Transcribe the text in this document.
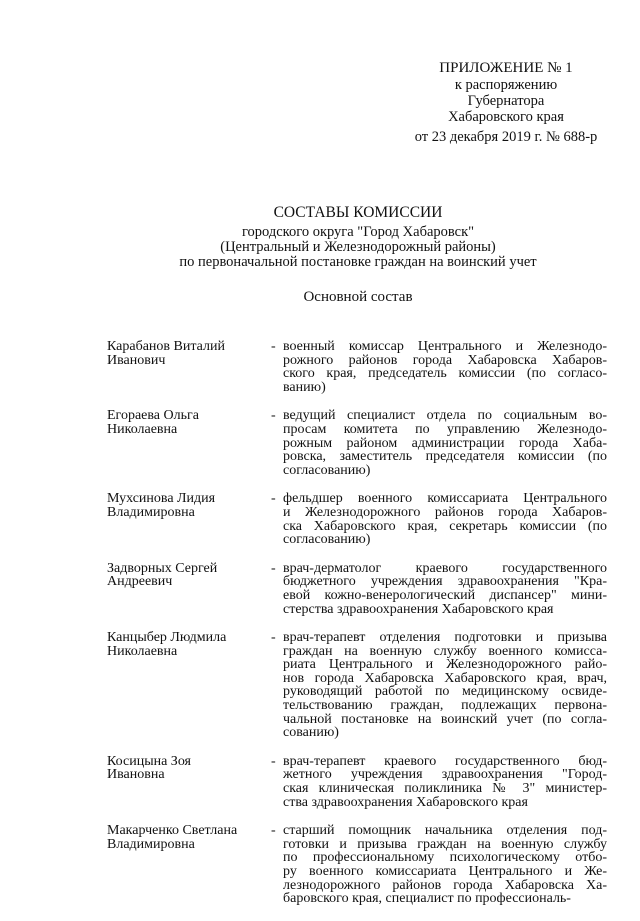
ПРИЛОЖЕНИЕ № 1
к распоряжению
Губернатора
Хабаровского края
от 23 декабря 2019 г. № 688-р
СОСТАВЫ КОМИССИИ
городского округа "Город Хабаровск"
(Центральный и Железнодорожный районы)
по первоначальной постановке граждан на воинский учет
Основной состав
Карабанов Виталий
Иванович
- военный комиссар Центрального и Железнодо-
рожного районов города Хабаровска Хабаров-
ского края, председатель комиссии (по согласо-
ванию)
Егораева Ольга
Николаевна
- ведущий специалист отдела по социальным во-
просам комитета по управлению Железнодо-
рожным районом администрации города Хаба-
ровска, заместитель председателя комиссии (по
согласованию)
Мухсинова Лидия
Владимировна
- фельдшер военного комиссариата Центрального
и Железнодорожного районов города Хабаров-
ска Хабаровского края, секретарь комиссии (по
согласованию)
Задворных Сергей
Андреевич
- врач-дерматолог краевого государственного
бюджетного учреждения здравоохранения "Кра-
евой кожно-венерологический диспансер" мини-
стерства здравоохранения Хабаровского края
Канцыбер Людмила
Николаевна
- врач-терапевт отделения подготовки и призыва
граждан на военную службу военного комисса-
риата Центрального и Железнодорожного райо-
нов города Хабаровска Хабаровского края, врач,
руководящий работой по медицинскому освиде-
тельствованию граждан, подлежащих первона-
чальной постановке на воинский учет (по согла-
сованию)
Косицына Зоя
Ивановна
- врач-терапевт краевого государственного бюд-
жетного учреждения здравоохранения "Город-
ская клиническая поликлиника № 3" министер-
ства здравоохранения Хабаровского края
Макарченко Светлана
Владимировна
- старший помощник начальника отделения под-
готовки и призыва граждан на военную службу
по профессиональному психологическому отбо-
ру военного комиссариата Центрального и Же-
лезнодорожного районов города Хабаровска Ха-
баровского края, специалист по профессиональ-
